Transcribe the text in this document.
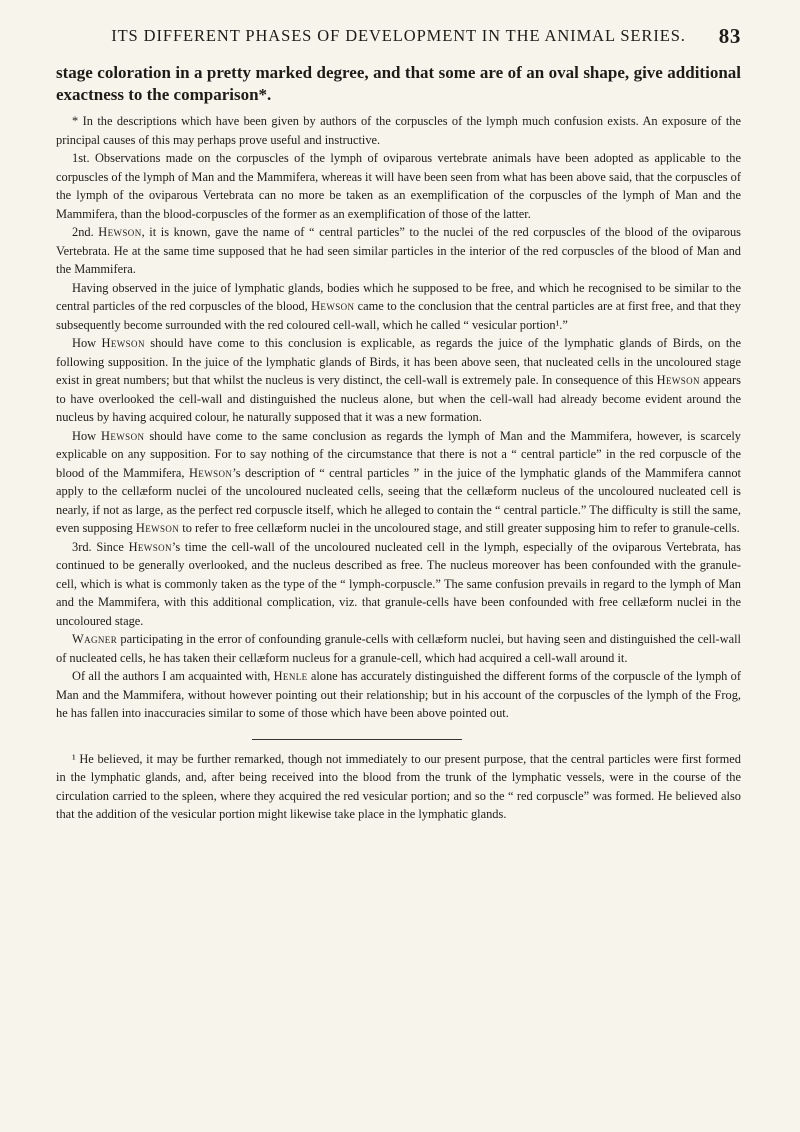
ITS DIFFERENT PHASES OF DEVELOPMENT IN THE ANIMAL SERIES.	83
stage coloration in a pretty marked degree, and that some are of an oval shape, give additional exactness to the comparison*.

* In the descriptions which have been given by authors of the corpuscles of the lymph much confusion exists. An exposure of the principal causes of this may perhaps prove useful and instructive.

1st. Observations made on the corpuscles of the lymph of oviparous vertebrate animals have been adopted as applicable to the corpuscles of the lymph of Man and the Mammifera, whereas it will have been seen from what has been above said, that the corpuscles of the lymph of the oviparous Vertebrata can no more be taken as an exemplification of the corpuscles of the lymph of Man and the Mammifera, than the blood-corpuscles of the former as an exemplification of those of the latter.

2nd. Hewson, it is known, gave the name of “ central particles” to the nuclei of the red corpuscles of the blood of the oviparous Vertebrata. He at the same time supposed that he had seen similar particles in the interior of the red corpuscles of the blood of Man and the Mammifera.

Having observed in the juice of lymphatic glands, bodies which he supposed to be free, and which he recognised to be similar to the central particles of the red corpuscles of the blood, Hewson came to the conclusion that the central particles are at first free, and that they subsequently become surrounded with the red coloured cell-wall, which he called “ vesicular portion¹.”

How Hewson should have come to this conclusion is explicable, as regards the juice of the lymphatic glands of Birds, on the following supposition. In the juice of the lymphatic glands of Birds, it has been above seen, that nucleated cells in the uncoloured stage exist in great numbers; but that whilst the nucleus is very distinct, the cell-wall is extremely pale. In consequence of this Hewson appears to have overlooked the cell-wall and distinguished the nucleus alone, but when the cell-wall had already become evident around the nucleus by having acquired colour, he naturally supposed that it was a new formation.

How Hewson should have come to the same conclusion as regards the lymph of Man and the Mammifera, however, is scarcely explicable on any supposition. For to say nothing of the circumstance that there is not a “ central particle” in the red corpuscle of the blood of the Mammifera, Hewson’s description of “ central particles ” in the juice of the lymphatic glands of the Mammifera cannot apply to the cellæform nuclei of the uncoloured nucleated cells, seeing that the cellæform nucleus of the uncoloured nucleated cell is nearly, if not as large, as the perfect red corpuscle itself, which he alleged to contain the “ central particle.” The difficulty is still the same, even supposing Hewson to refer to free cellæform nuclei in the uncoloured stage, and still greater supposing him to refer to granule-cells.

3rd. Since Hewson’s time the cell-wall of the uncoloured nucleated cell in the lymph, especially of the oviparous Vertebrata, has continued to be generally overlooked, and the nucleus described as free. The nucleus moreover has been confounded with the granule-cell, which is what is commonly taken as the type of the “ lymph-corpuscle.” The same confusion prevails in regard to the lymph of Man and the Mammifera, with this additional complication, viz. that granule-cells have been confounded with free cellæform nuclei in the uncoloured stage.

Wagner participating in the error of confounding granule-cells with cellæform nuclei, but having seen and distinguished the cell-wall of nucleated cells, he has taken their cellæform nucleus for a granule-cell, which had acquired a cell-wall around it.

Of all the authors I am acquainted with, Henle alone has accurately distinguished the different forms of the corpuscle of the lymph of Man and the Mammifera, without however pointing out their relationship; but in his account of the corpuscles of the lymph of the Frog, he has fallen into inaccuracies similar to some of those which have been above pointed out.

¹ He believed, it may be further remarked, though not immediately to our present purpose, that the central particles were first formed in the lymphatic glands, and, after being received into the blood from the trunk of the lymphatic vessels, were in the course of the circulation carried to the spleen, where they acquired the red vesicular portion; and so the “ red corpuscle” was formed. He believed also that the addition of the vesicular portion might likewise take place in the lymphatic glands.
